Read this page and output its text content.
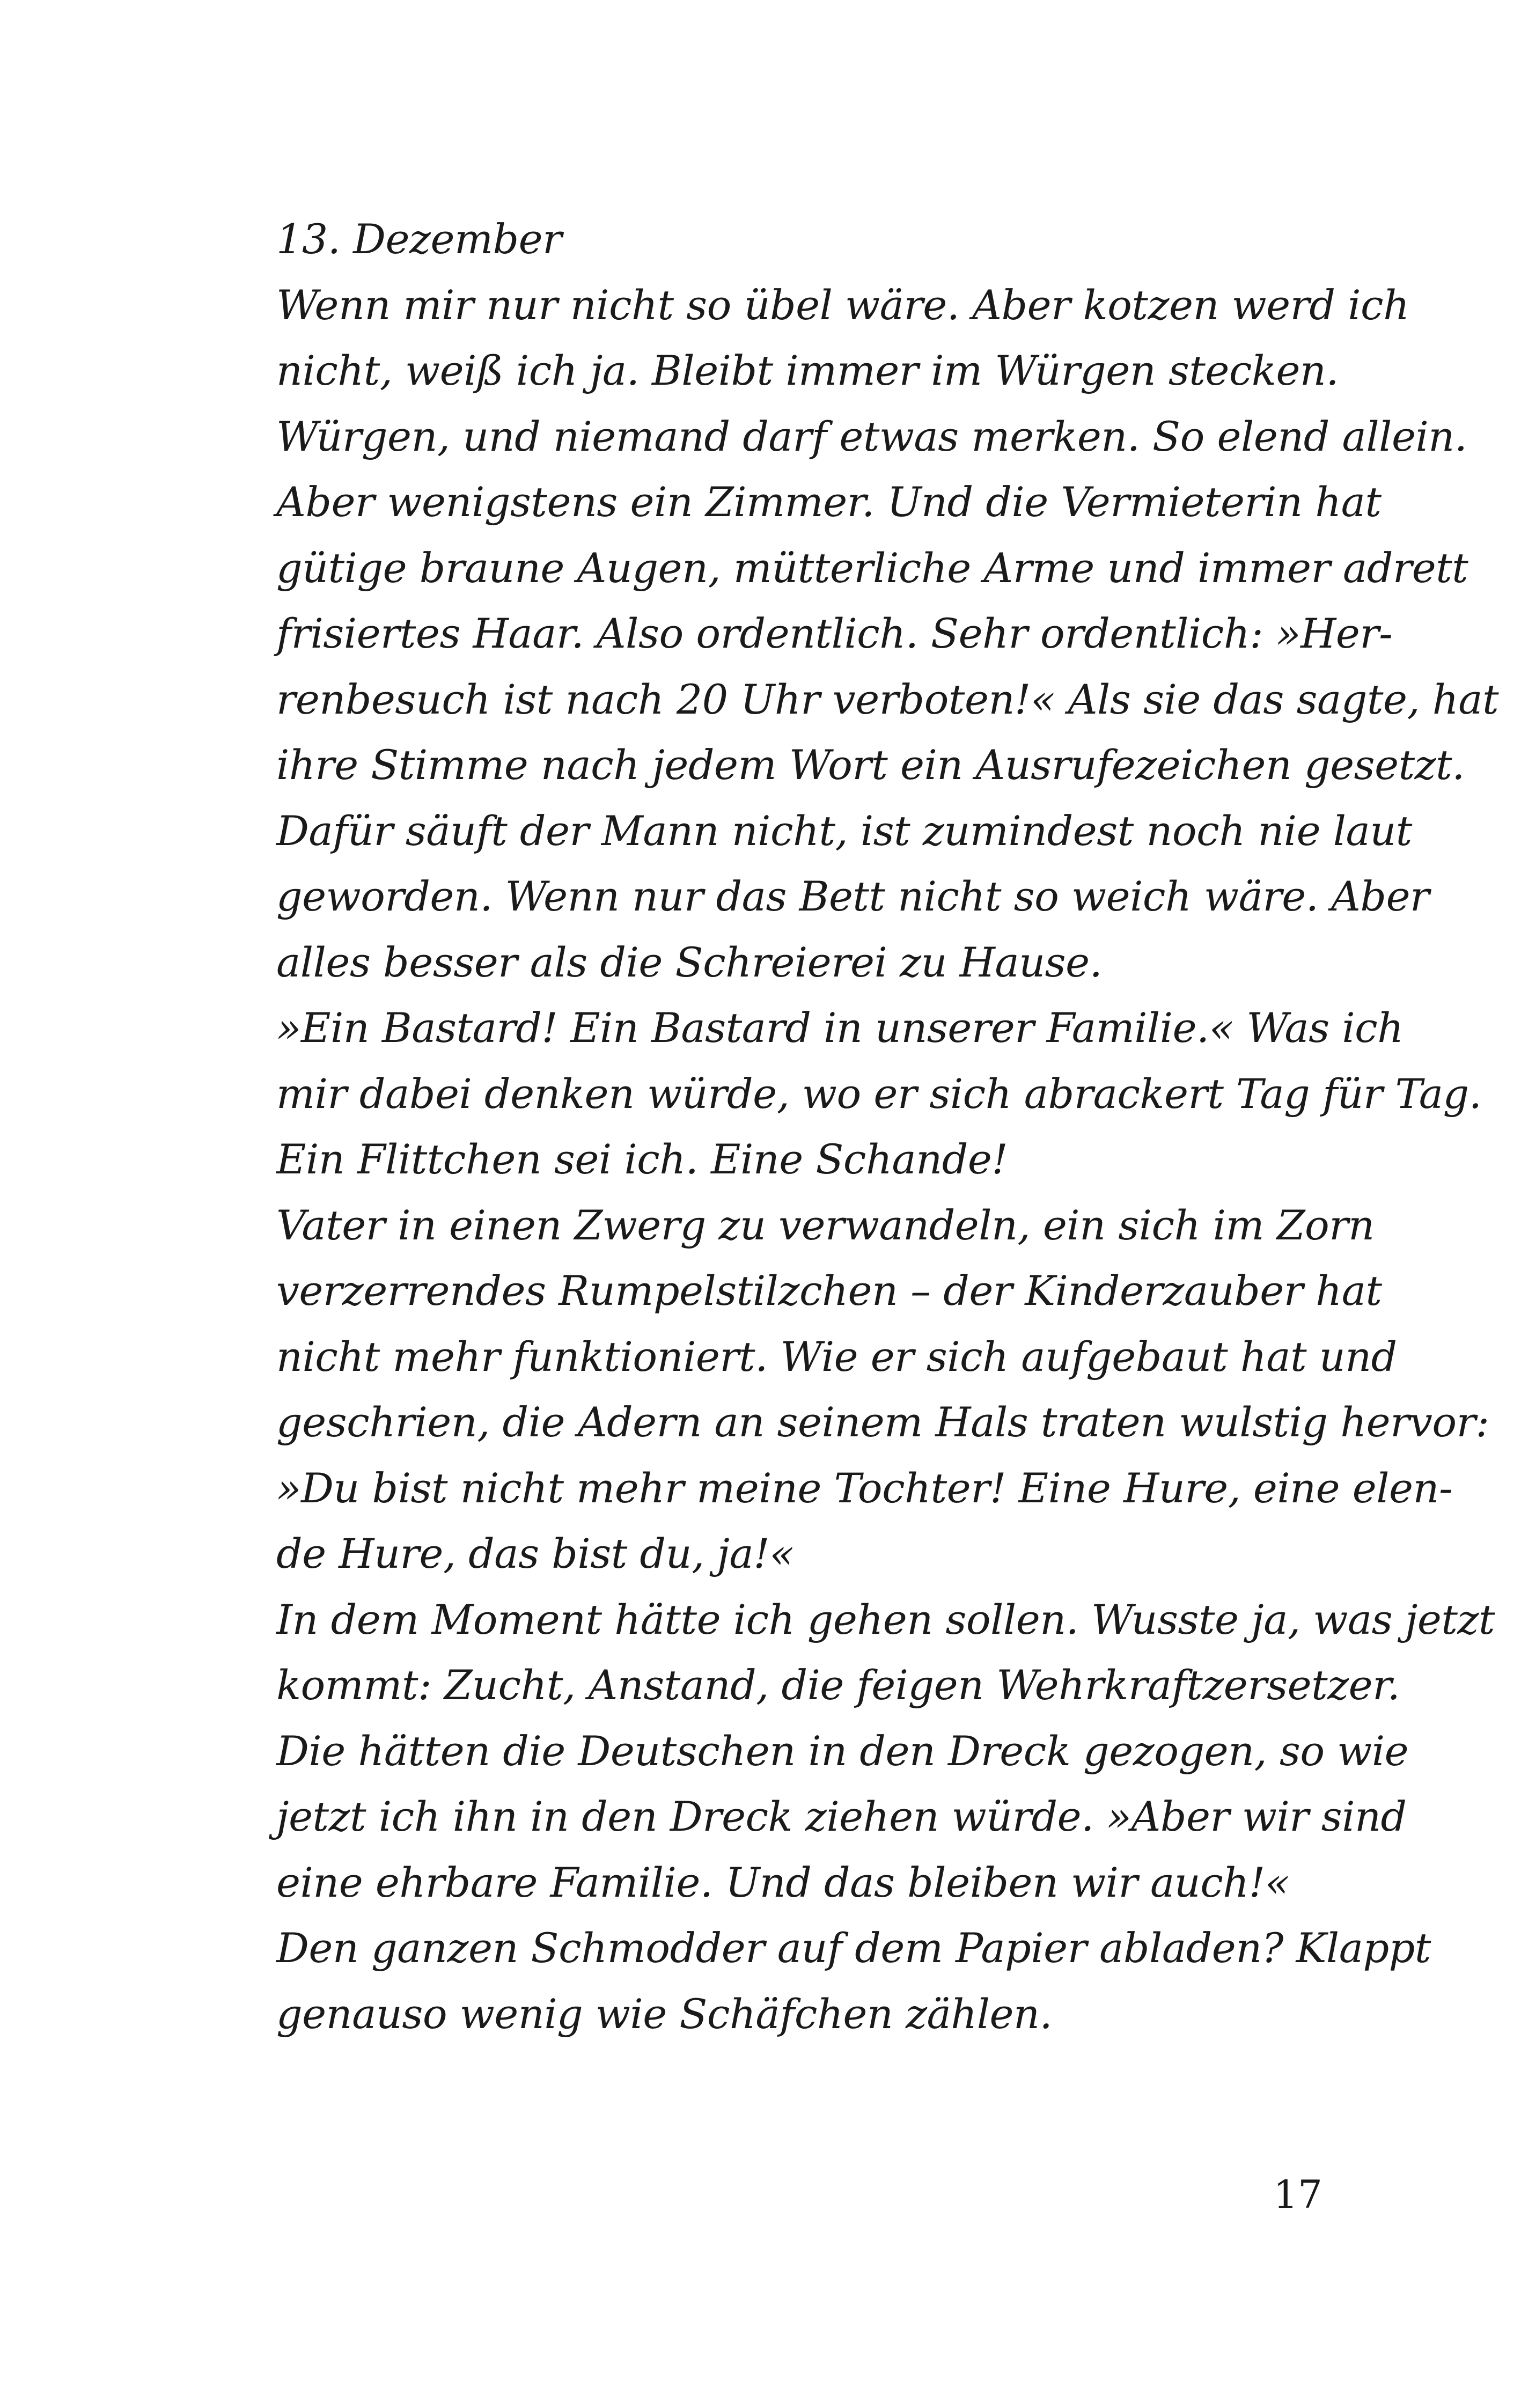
13. Dezember
Wenn mir nur nicht so übel wäre. Aber kotzen werd ich
nicht, weiß ich ja. Bleibt immer im Würgen stecken.
Würgen, und niemand darf etwas merken. So elend allein.
Aber wenigstens ein Zimmer. Und die Vermieterin hat
gütige braune Augen, mütterliche Arme und immer adrett
frisiertes Haar. Also ordentlich. Sehr ordentlich: »Her-
renbesuch ist nach 20 Uhr verboten!« Als sie das sagte, hat
ihre Stimme nach jedem Wort ein Ausrufezeichen gesetzt.
Dafür säuft der Mann nicht, ist zumindest noch nie laut
geworden. Wenn nur das Bett nicht so weich wäre. Aber
alles besser als die Schreierei zu Hause.
»Ein Bastard! Ein Bastard in unserer Familie.« Was ich
mir dabei denken würde, wo er sich abrackert Tag für Tag.
Ein Flittchen sei ich. Eine Schande!
Vater in einen Zwerg zu verwandeln, ein sich im Zorn
verzerrendes Rumpelstilzchen – der Kinderzauber hat
nicht mehr funktioniert. Wie er sich aufgebaut hat und
geschrien, die Adern an seinem Hals traten wulstig hervor:
»Du bist nicht mehr meine Tochter! Eine Hure, eine elen-
de Hure, das bist du, ja!«
In dem Moment hätte ich gehen sollen. Wusste ja, was jetzt
kommt: Zucht, Anstand, die feigen Wehrkraftzersetzer.
Die hätten die Deutschen in den Dreck gezogen, so wie
jetzt ich ihn in den Dreck ziehen würde. »Aber wir sind
eine ehrbare Familie. Und das bleiben wir auch!«
Den ganzen Schmodder auf dem Papier abladen? Klappt
genauso wenig wie Schäfchen zählen.
17
